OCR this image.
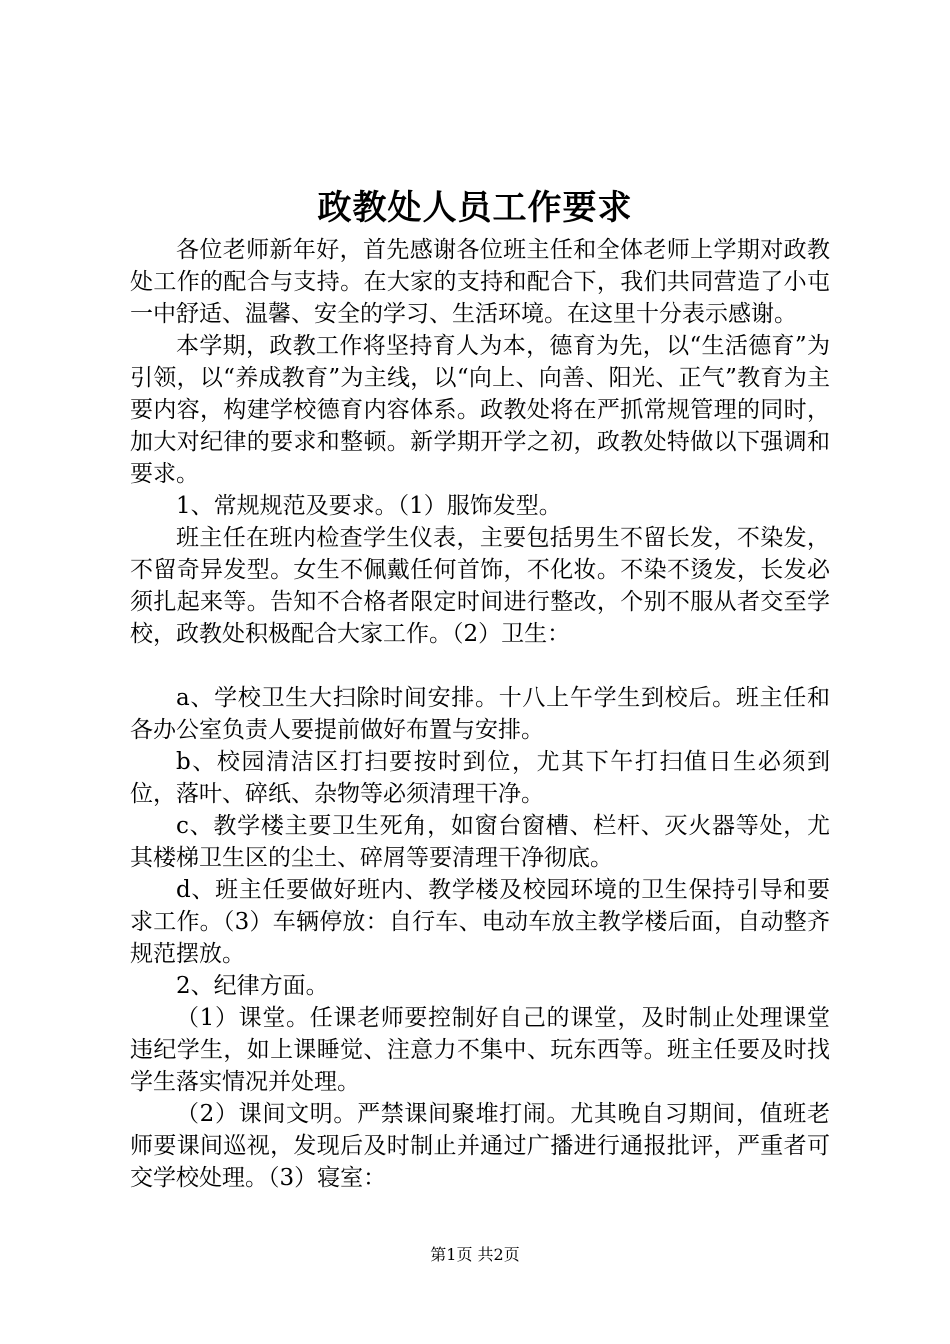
政教处人员工作要求

各位老师新年好，首先感谢各位班主任和全体老师上学期对政教处工作的配合与支持。在大家的支持和配合下，我们共同营造了小屯一中舒适、温馨、安全的学习、生活环境。在这里十分表示感谢。

本学期，政教工作将坚持育人为本，德育为先，以“生活德育”为引领，以“养成教育”为主线，以“向上、向善、阳光、正气”教育为主要内容，构建学校德育内容体系。政教处将在严抓常规管理的同时，加大对纪律的要求和整顿。新学期开学之初，政教处特做以下强调和要求。

1、常规规范及要求。（1）服饰发型。

班主任在班内检查学生仪表，主要包括男生不留长发，不染发，不留奇异发型。女生不佩戴任何首饰，不化妆。不染不烫发，长发必须扎起来等。告知不合格者限定时间进行整改，个别不服从者交至学校，政教处积极配合大家工作。（2）卫生：

a、学校卫生大扫除时间安排。十八上午学生到校后。班主任和各办公室负责人要提前做好布置与安排。

b、校园清洁区打扫要按时到位，尤其下午打扫值日生必须到位，落叶、碎纸、杂物等必须清理干净。

c、教学楼主要卫生死角，如窗台窗槽、栏杆、灭火器等处，尤其楼梯卫生区的尘土、碎屑等要清理干净彻底。

d、班主任要做好班内、教学楼及校园环境的卫生保持引导和要求工作。（3）车辆停放：自行车、电动车放主教学楼后面，自动整齐规范摆放。

2、纪律方面。

（1）课堂。任课老师要控制好自己的课堂，及时制止处理课堂违纪学生，如上课睡觉、注意力不集中、玩东西等。班主任要及时找学生落实情况并处理。

（2）课间文明。严禁课间聚堆打闹。尤其晚自习期间，值班老师要课间巡视，发现后及时制止并通过广播进行通报批评，严重者可交学校处理。（3）寝室：

第1页 共2页
